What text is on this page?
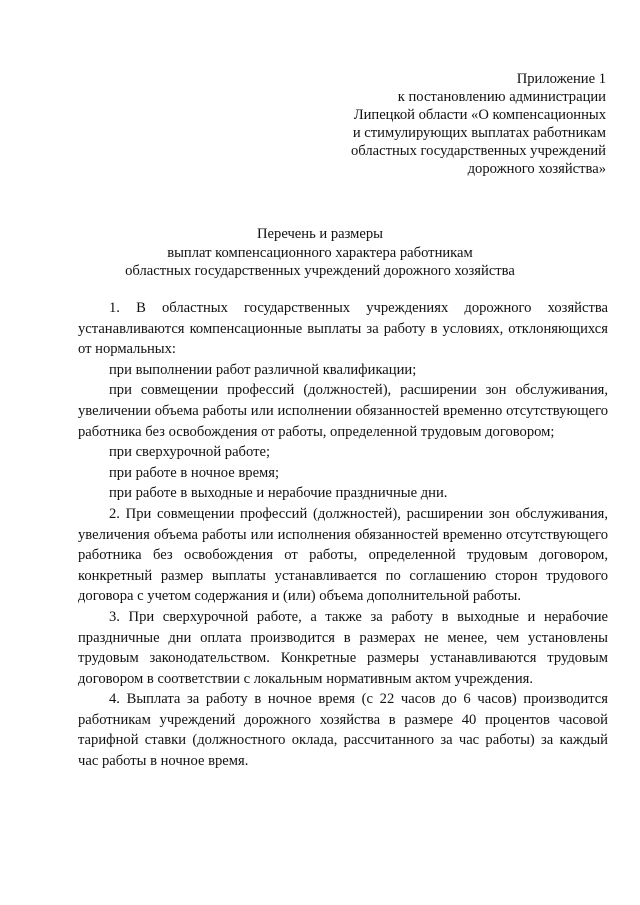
Приложение 1
к постановлению администрации
Липецкой области «О компенсационных
и стимулирующих выплатах работникам
областных государственных учреждений
дорожного хозяйства»
Перечень и размеры
выплат компенсационного характера работникам
областных государственных учреждений дорожного хозяйства

1. В областных государственных учреждениях дорожного хозяйства устанавливаются компенсационные выплаты за работу в условиях, отклоняющихся от нормальных:

при выполнении работ различной квалификации;

при совмещении профессий (должностей), расширении зон обслуживания, увеличении объема работы или исполнении обязанностей временно отсутствующего работника без освобождения от работы, определенной трудовым договором;

при сверхурочной работе;

при работе в ночное время;

при работе в выходные и нерабочие праздничные дни.

2. При совмещении профессий (должностей), расширении зон обслуживания, увеличения объема работы или исполнения обязанностей временно отсутствующего работника без освобождения от работы, определенной трудовым договором, конкретный размер выплаты устанавливается по соглашению сторон трудового договора с учетом содержания и (или) объема дополнительной работы.

3. При сверхурочной работе, а также за работу в выходные и нерабочие праздничные дни оплата производится в размерах не менее, чем установлены трудовым законодательством. Конкретные размеры устанавливаются трудовым договором в соответствии с локальным нормативным актом учреждения.

4. Выплата за работу в ночное время (с 22 часов до 6 часов) производится работникам учреждений дорожного хозяйства в размере 40 процентов часовой тарифной ставки (должностного оклада, рассчитанного за час работы) за каждый час работы в ночное время.
